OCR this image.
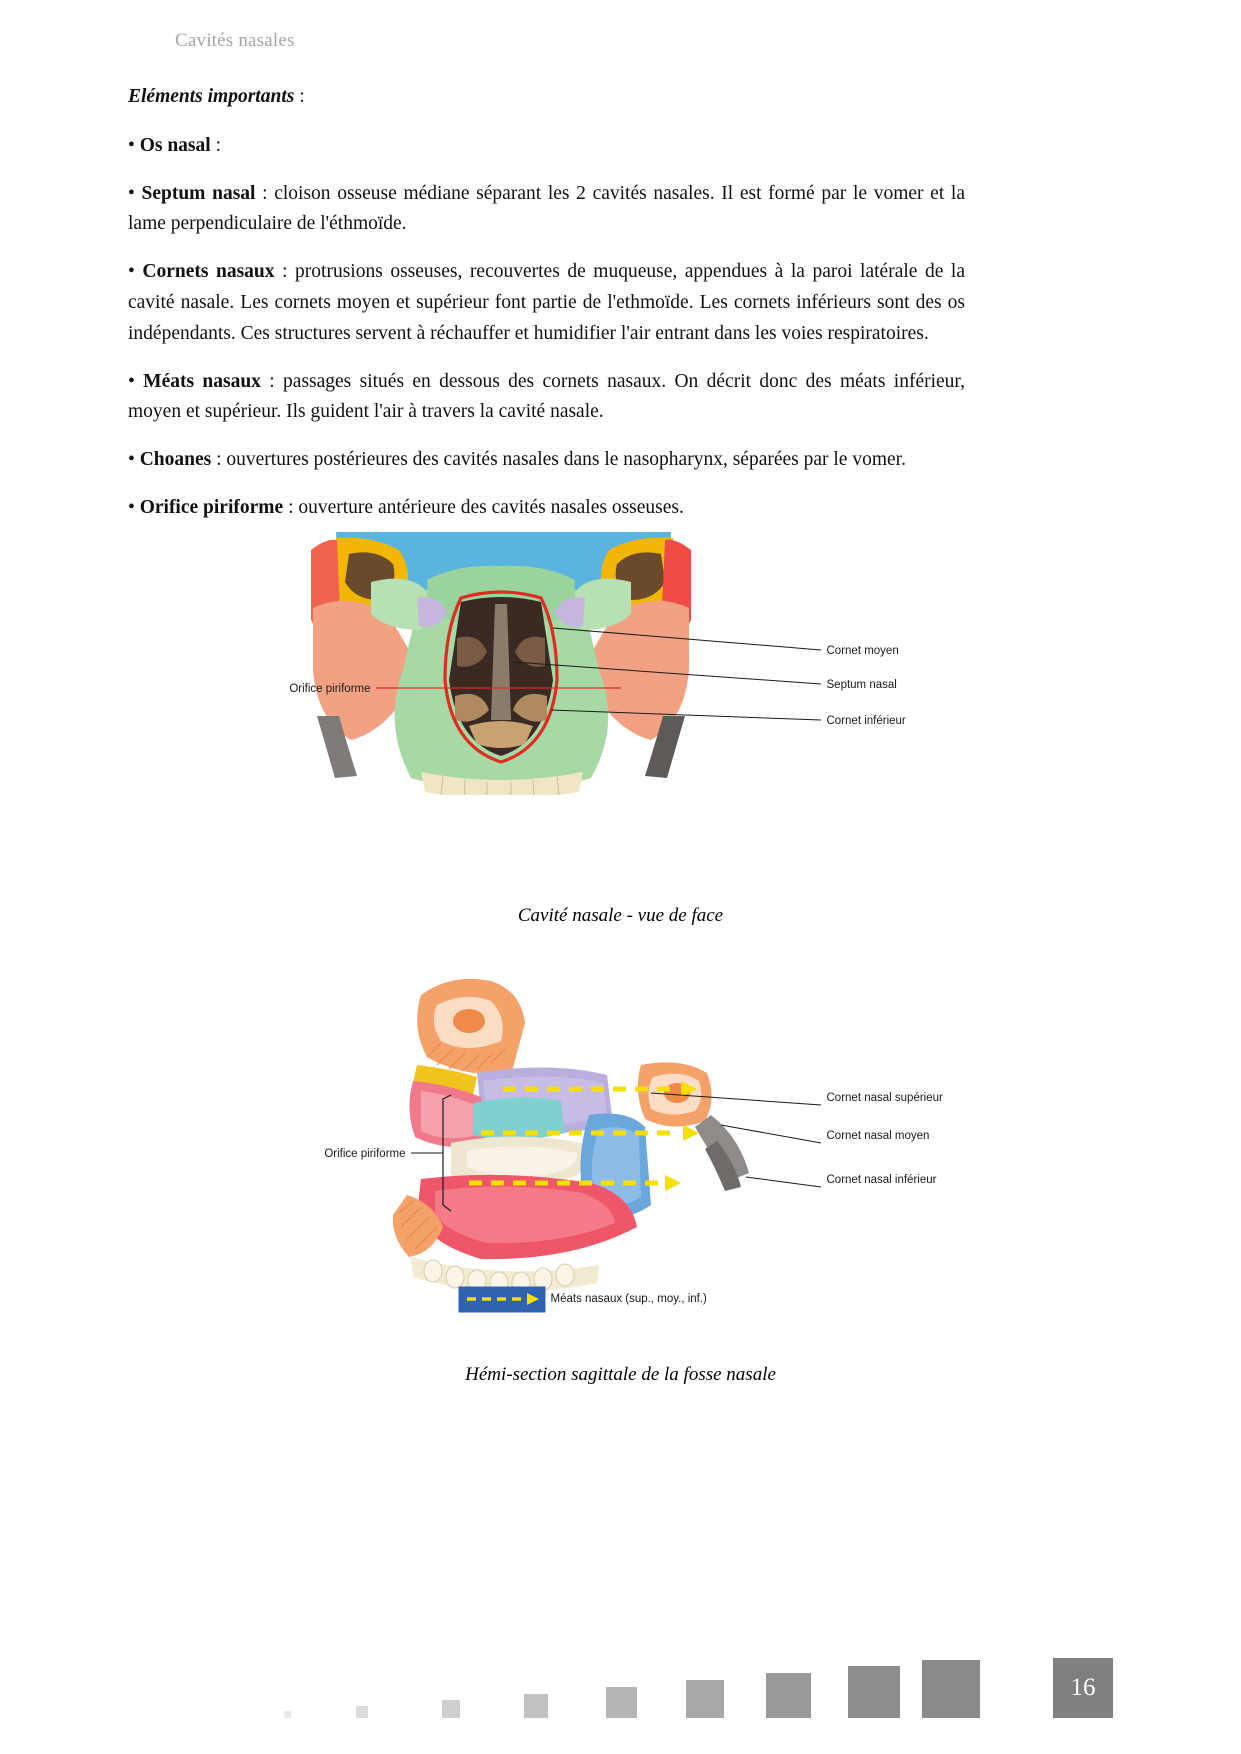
Cavités nasales

Eléments importants :

• Os nasal :

• Septum nasal : cloison osseuse médiane séparant les 2 cavités nasales. Il est formé par le vomer et la lame perpendiculaire de l'éthmoïde.

• Cornets nasaux : protrusions osseuses, recouvertes de muqueuse, appendues à la paroi latérale de la cavité nasale. Les cornets moyen et supérieur font partie de l'ethmoïde. Les cornets inférieurs sont des os indépendants. Ces structures servent à réchauffer et humidifier l'air entrant dans les voies respiratoires.

• Méats nasaux : passages situés en dessous des cornets nasaux. On décrit donc des méats inférieur, moyen et supérieur. Ils guident l'air à travers la cavité nasale.

• Choanes : ouvertures postérieures des cavités nasales dans le nasopharynx, séparées par le vomer.

• Orifice piriforme : ouverture antérieure des cavités nasales osseuses.

Cornet moyen
Septum nasal
Cornet inférieur
Orifice piriforme
Cavité nasale - vue de face
Cornet nasal supérieur
Cornet nasal moyen
Cornet nasal inférieur
Orifice piriforme
Méats nasaux (sup., moy., inf.)
Hémi-section sagittale de la fosse nasale
16
